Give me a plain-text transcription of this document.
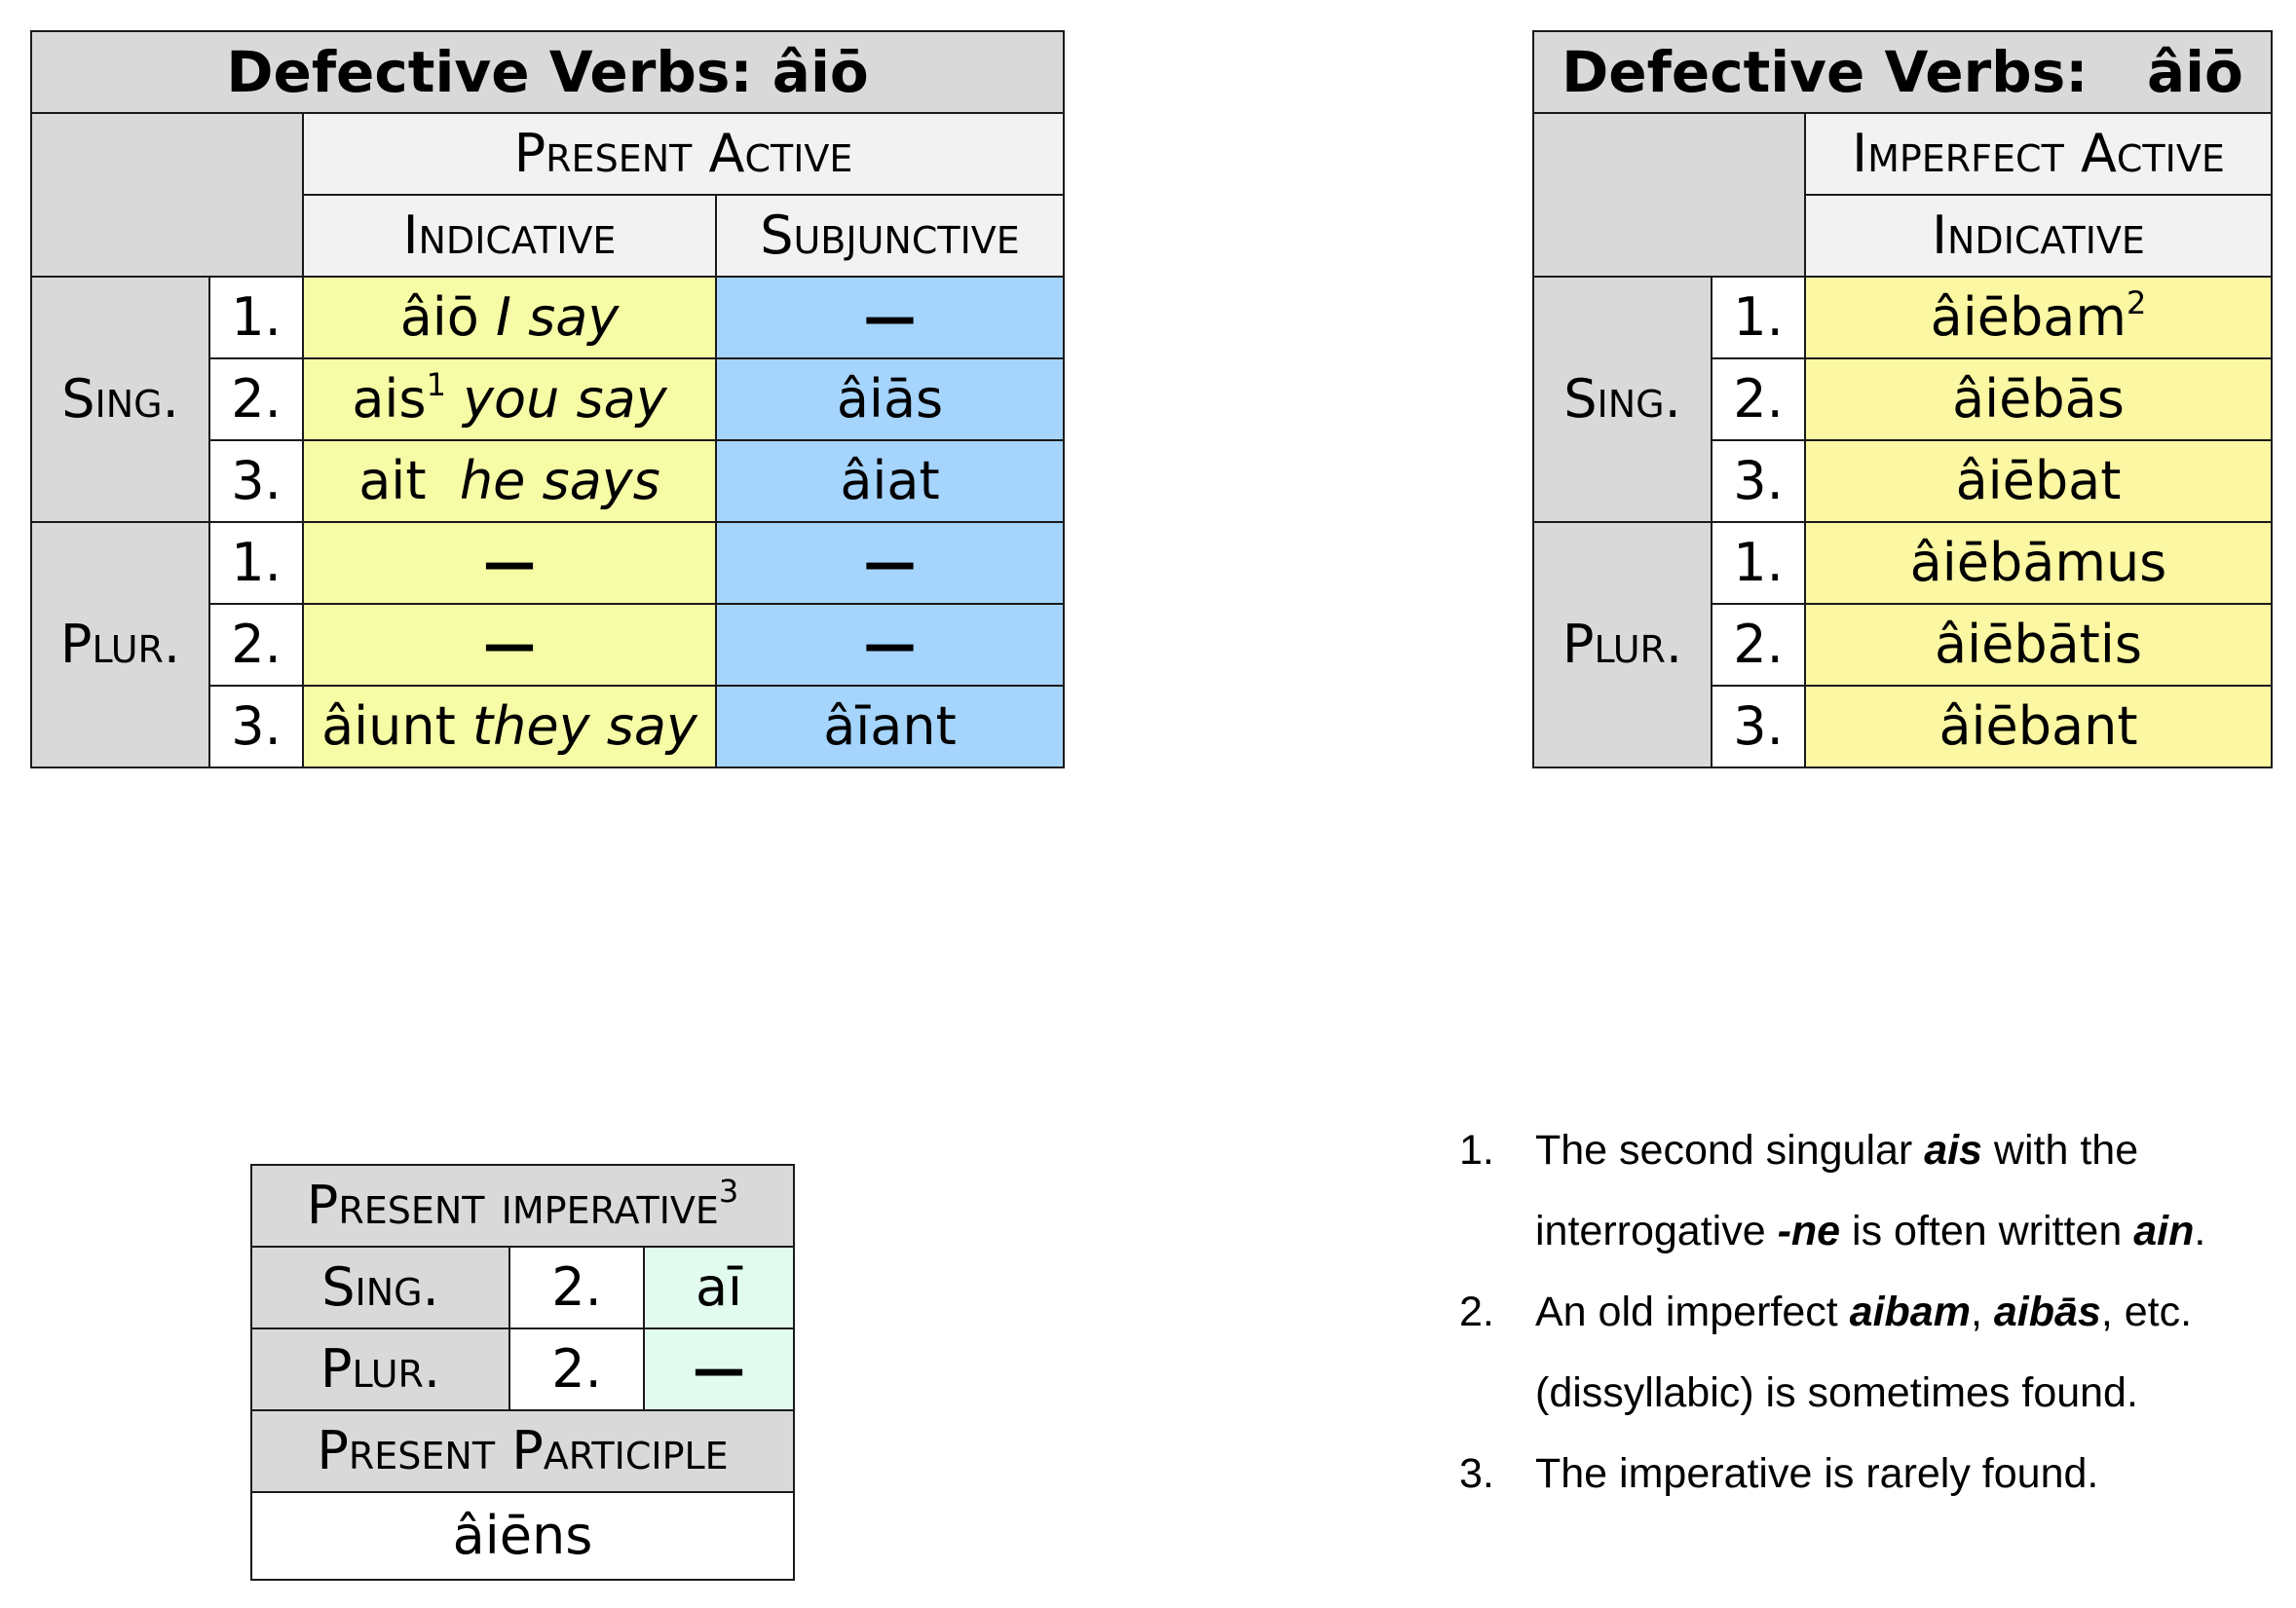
Defective Verbs: âiō			
		Present Active	
		Indicative	Subjunctive
Sing.	1.	âiō I say	—
	2.	ais$^1$ you say	âiās
	3.	ait he says	âiat
Plur.	1.	—	—
	2.	—	—
	3.	âiunt they say	âīant
Defective Verbs:   âiō		
		Imperfect Active
		Indicative
Sing.	1.	âiēbam$^2$
	2.	âiēbās
	3.	âiēbat
Plur.	1.	âiēbāmus
	2.	âiēbātis
	3.	âiēbant
Present imperative$^3$
Sing.	2.	aī
Plur.	2.	—
Present Participle		
âiēns		
1. The second singular ais with the interrogative -ne is often written ain.
2. An old imperfect aibam, aibās, etc. (dissyllabic) is sometimes found.
3. The imperative is rarely found.
